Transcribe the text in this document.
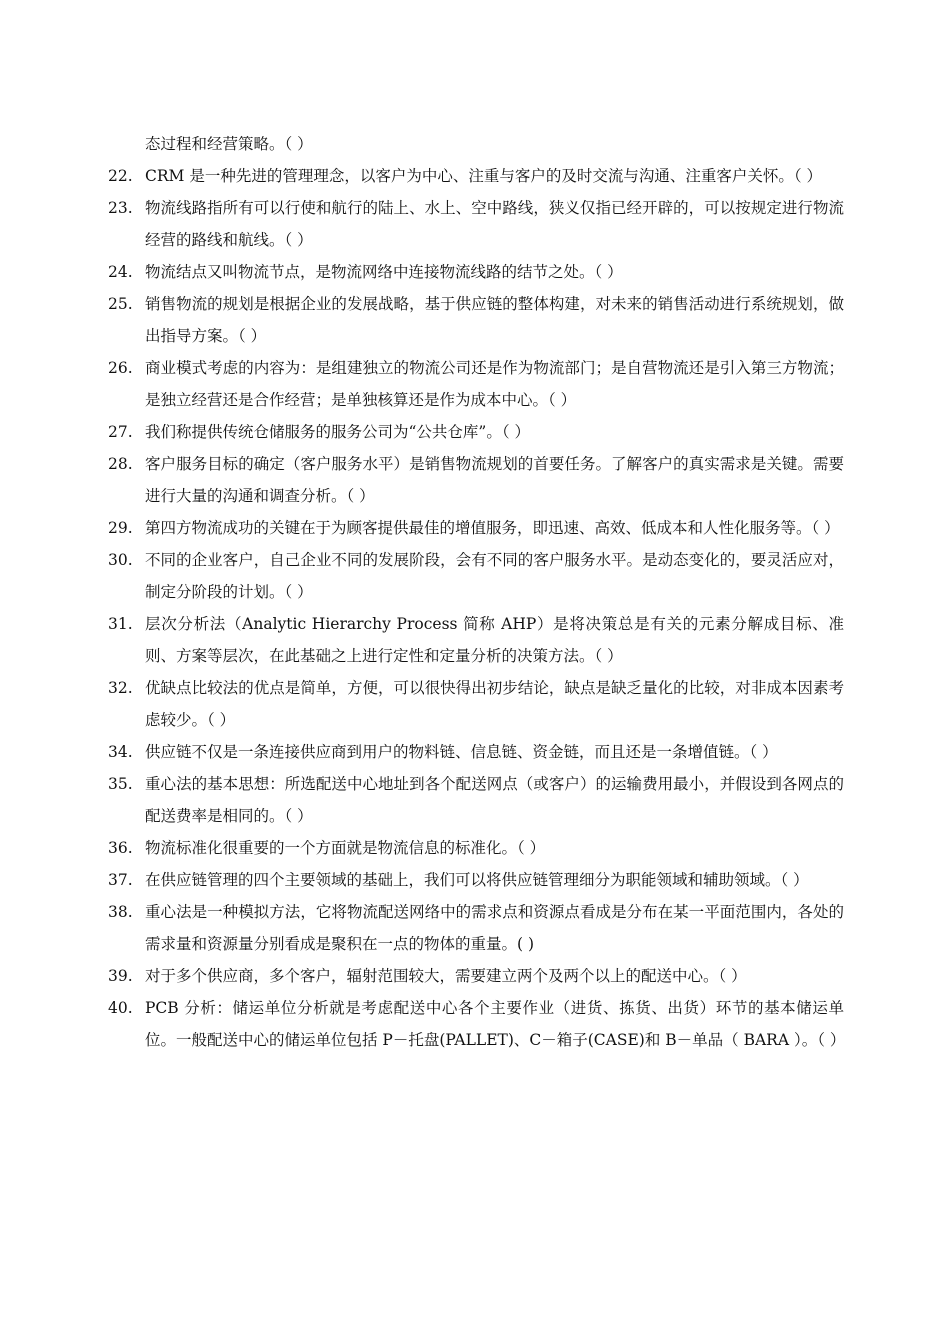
态过程和经营策略。（ ）
22. CRM 是一种先进的管理理念，以客户为中心、注重与客户的及时交流与沟通、注重客户关怀。（ ）
23. 物流线路指所有可以行使和航行的陆上、水上、空中路线，狭义仅指已经开辟的，可以按规定进行物流经营的路线和航线。（ ）
24. 物流结点又叫物流节点，是物流网络中连接物流线路的结节之处。（ ）
25. 销售物流的规划是根据企业的发展战略，基于供应链的整体构建，对未来的销售活动进行系统规划，做出指导方案。（ ）
26. 商业模式考虑的内容为：是组建独立的物流公司还是作为物流部门；是自营物流还是引入第三方物流；是独立经营还是合作经营；是单独核算还是作为成本中心。（ ）
27. 我们称提供传统仓储服务的服务公司为“公共仓库”。（ ）
28. 客户服务目标的确定（客户服务水平）是销售物流规划的首要任务。了解客户的真实需求是关键。需要进行大量的沟通和调查分析。（ ）
29. 第四方物流成功的关键在于为顾客提供最佳的增值服务，即迅速、高效、低成本和人性化服务等。（ ）
30. 不同的企业客户，自己企业不同的发展阶段，会有不同的客户服务水平。是动态变化的，要灵活应对，制定分阶段的计划。（ ）
31. 层次分析法（Analytic Hierarchy Process 简称 AHP）是将决策总是有关的元素分解成目标、准则、方案等层次，在此基础之上进行定性和定量分析的决策方法。（ ）
32. 优缺点比较法的优点是简单，方便，可以很快得出初步结论，缺点是缺乏量化的比较，对非成本因素考虑较少。（ ）
34. 供应链不仅是一条连接供应商到用户的物料链、信息链、资金链，而且还是一条增值链。（ ）
35. 重心法的基本思想：所选配送中心地址到各个配送网点（或客户）的运输费用最小，并假设到各网点的配送费率是相同的。（ ）
36. 物流标准化很重要的一个方面就是物流信息的标准化。（ ）
37. 在供应链管理的四个主要领域的基础上，我们可以将供应链管理细分为职能领域和辅助领域。（ ）
38. 重心法是一种模拟方法，它将物流配送网络中的需求点和资源点看成是分布在某一平面范围内，各处的需求量和资源量分别看成是聚积在一点的物体的重量。( )
39. 对于多个供应商，多个客户，辐射范围较大，需要建立两个及两个以上的配送中心。（ ）
40. PCB 分析：储运单位分析就是考虑配送中心各个主要作业（进货、拣货、出货）环节的基本储运单位。一般配送中心的储运单位包括 P－托盘(PALLET)、C－箱子(CASE)和 B－单品（ BARA ）。（ ）
